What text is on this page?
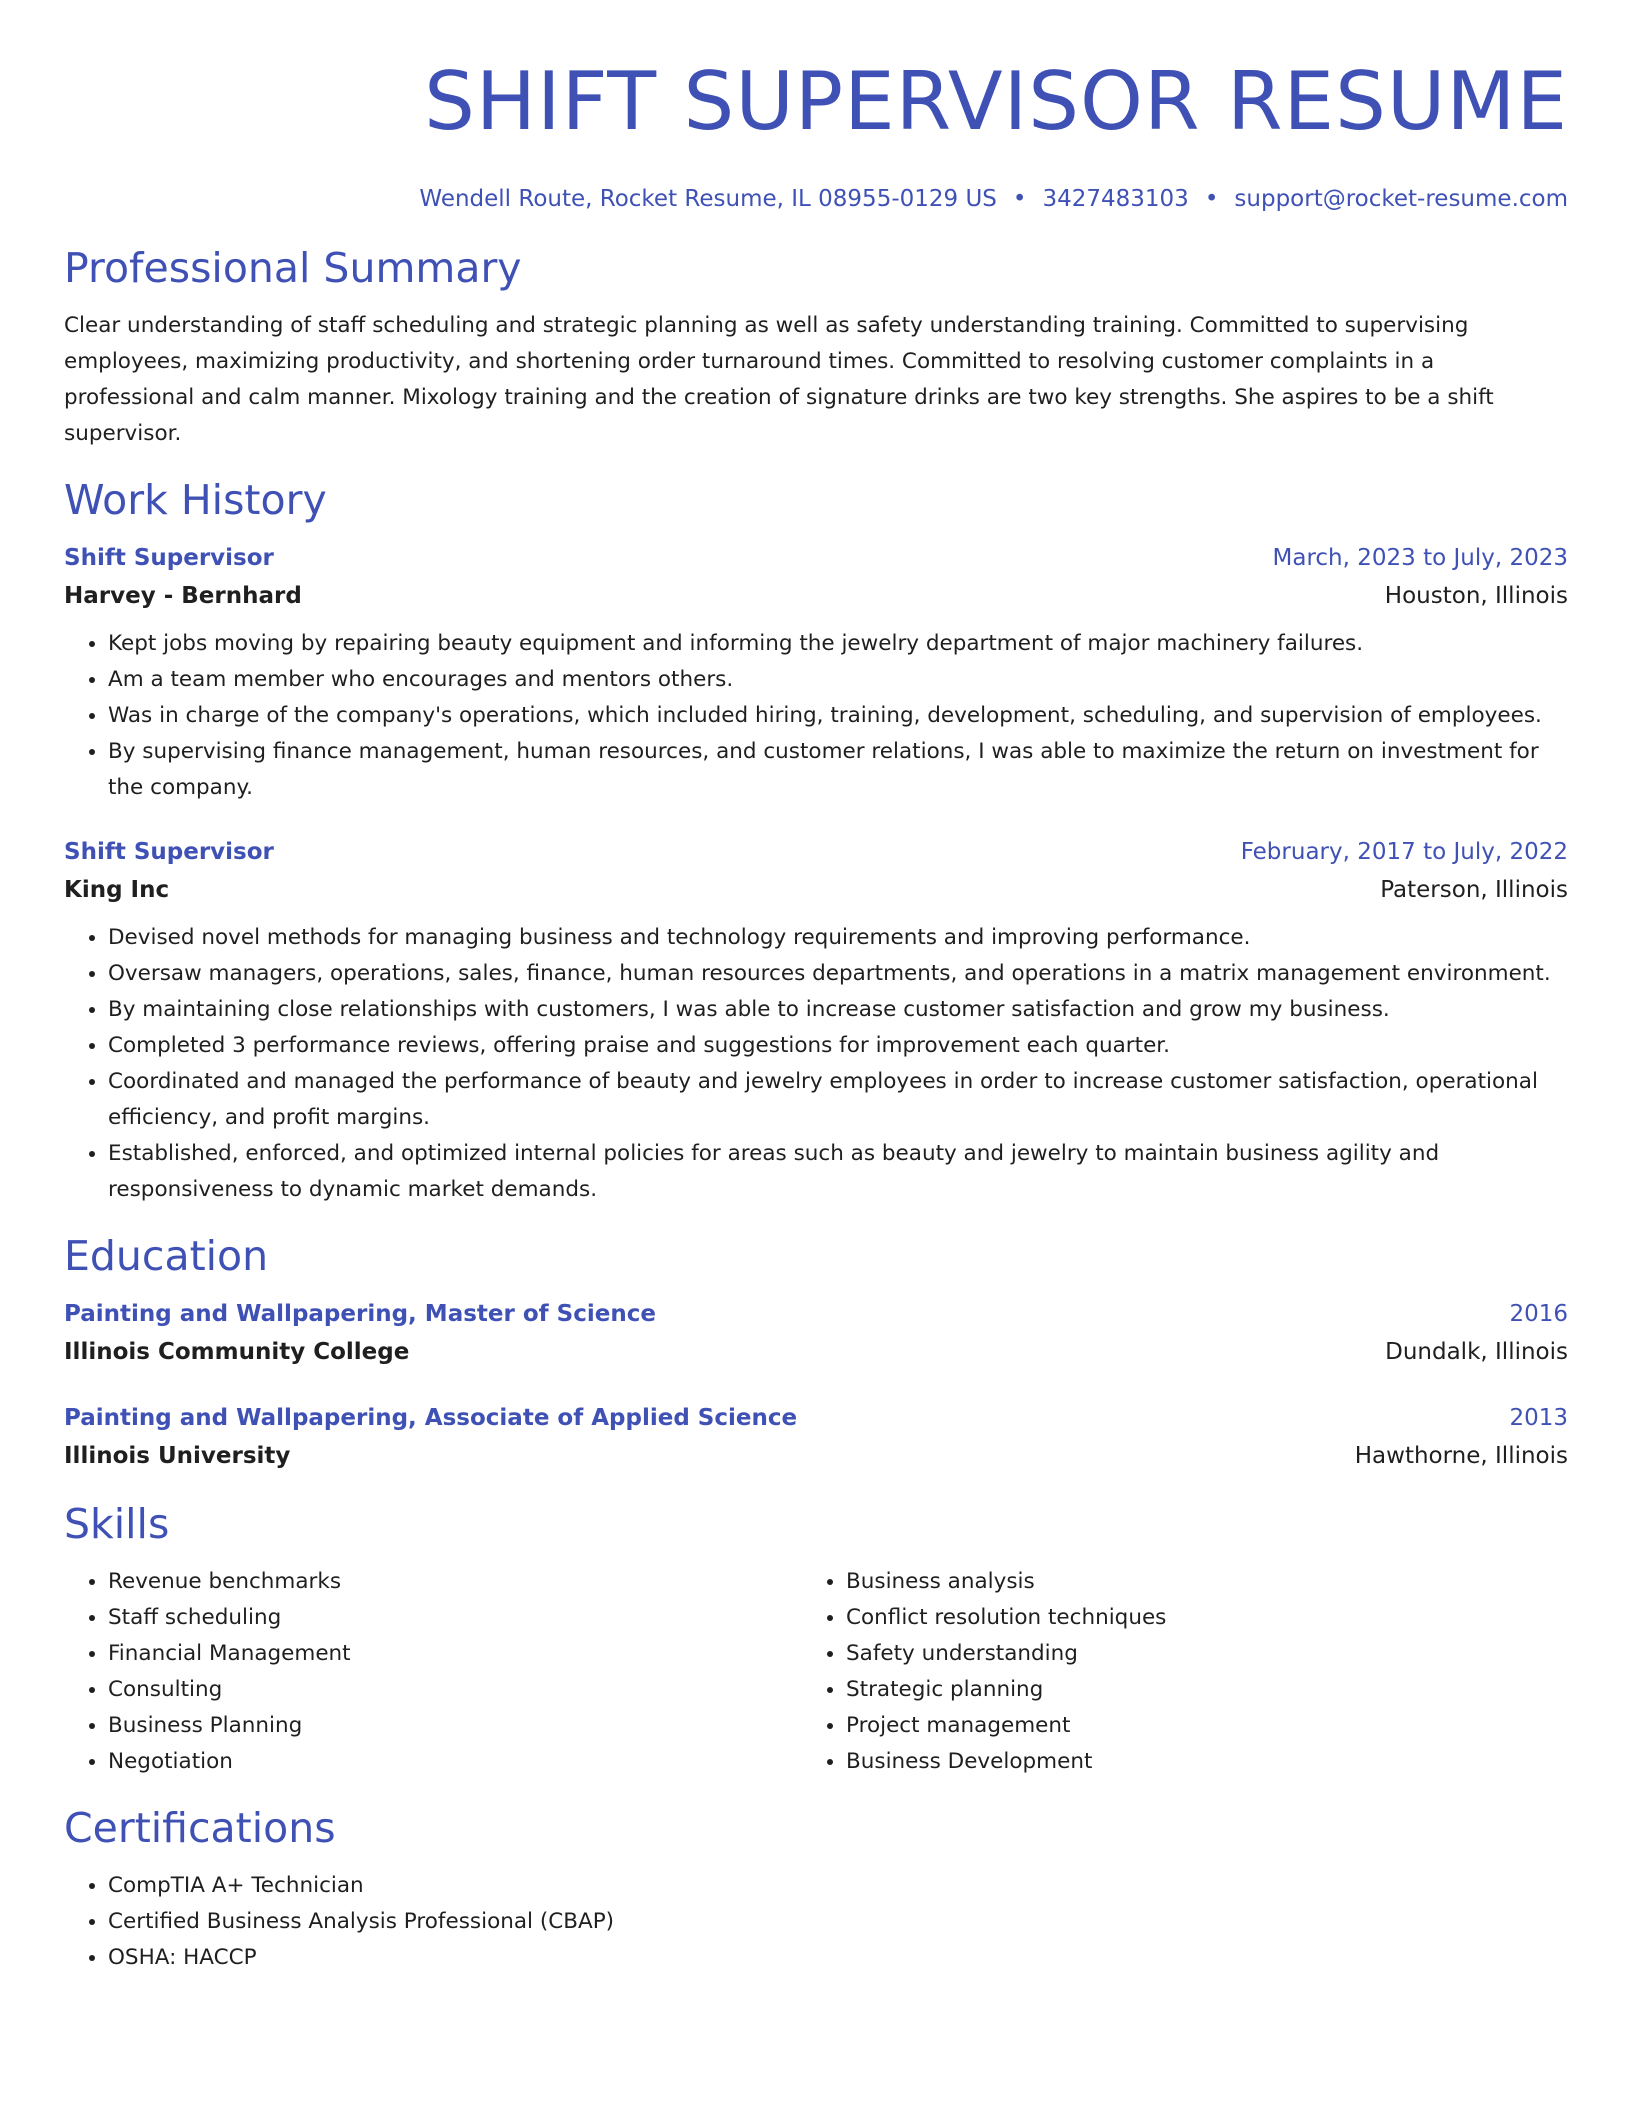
SHIFT SUPERVISOR RESUME
Wendell Route, Rocket Resume, IL 08955-0129 US • 3427483103 • support@rocket-resume.com
Professional Summary

Clear understanding of staff scheduling and strategic planning as well as safety understanding training. Committed to supervising employees, maximizing productivity, and shortening order turnaround times. Committed to resolving customer complaints in a professional and calm manner. Mixology training and the creation of signature drinks are two key strengths. She aspires to be a shift supervisor.

Work History
Shift Supervisor	March, 2023 to July, 2023
Harvey - Bernhard	Houston, Illinois
• Kept jobs moving by repairing beauty equipment and informing the jewelry department of major machinery failures.
• Am a team member who encourages and mentors others.
• Was in charge of the company's operations, which included hiring, training, development, scheduling, and supervision of employees.
• By supervising finance management, human resources, and customer relations, I was able to maximize the return on investment for the company.
Shift Supervisor	February, 2017 to July, 2022
King Inc	Paterson, Illinois
• Devised novel methods for managing business and technology requirements and improving performance.
• Oversaw managers, operations, sales, finance, human resources departments, and operations in a matrix management environment.
• By maintaining close relationships with customers, I was able to increase customer satisfaction and grow my business.
• Completed 3 performance reviews, offering praise and suggestions for improvement each quarter.
• Coordinated and managed the performance of beauty and jewelry employees in order to increase customer satisfaction, operational efficiency, and profit margins.
• Established, enforced, and optimized internal policies for areas such as beauty and jewelry to maintain business agility and responsiveness to dynamic market demands.
Education
Painting and Wallpapering, Master of Science	2016
Illinois Community College	Dundalk, Illinois
Painting and Wallpapering, Associate of Applied Science	2013
Illinois University	Hawthorne, Illinois
Skills
• Revenue benchmarks
• Staff scheduling
• Financial Management
• Consulting
• Business Planning
• Negotiation
• Business analysis
• Conflict resolution techniques
• Safety understanding
• Strategic planning
• Project management
• Business Development
Certifications
• CompTIA A+ Technician
• Certified Business Analysis Professional (CBAP)
• OSHA: HACCP
